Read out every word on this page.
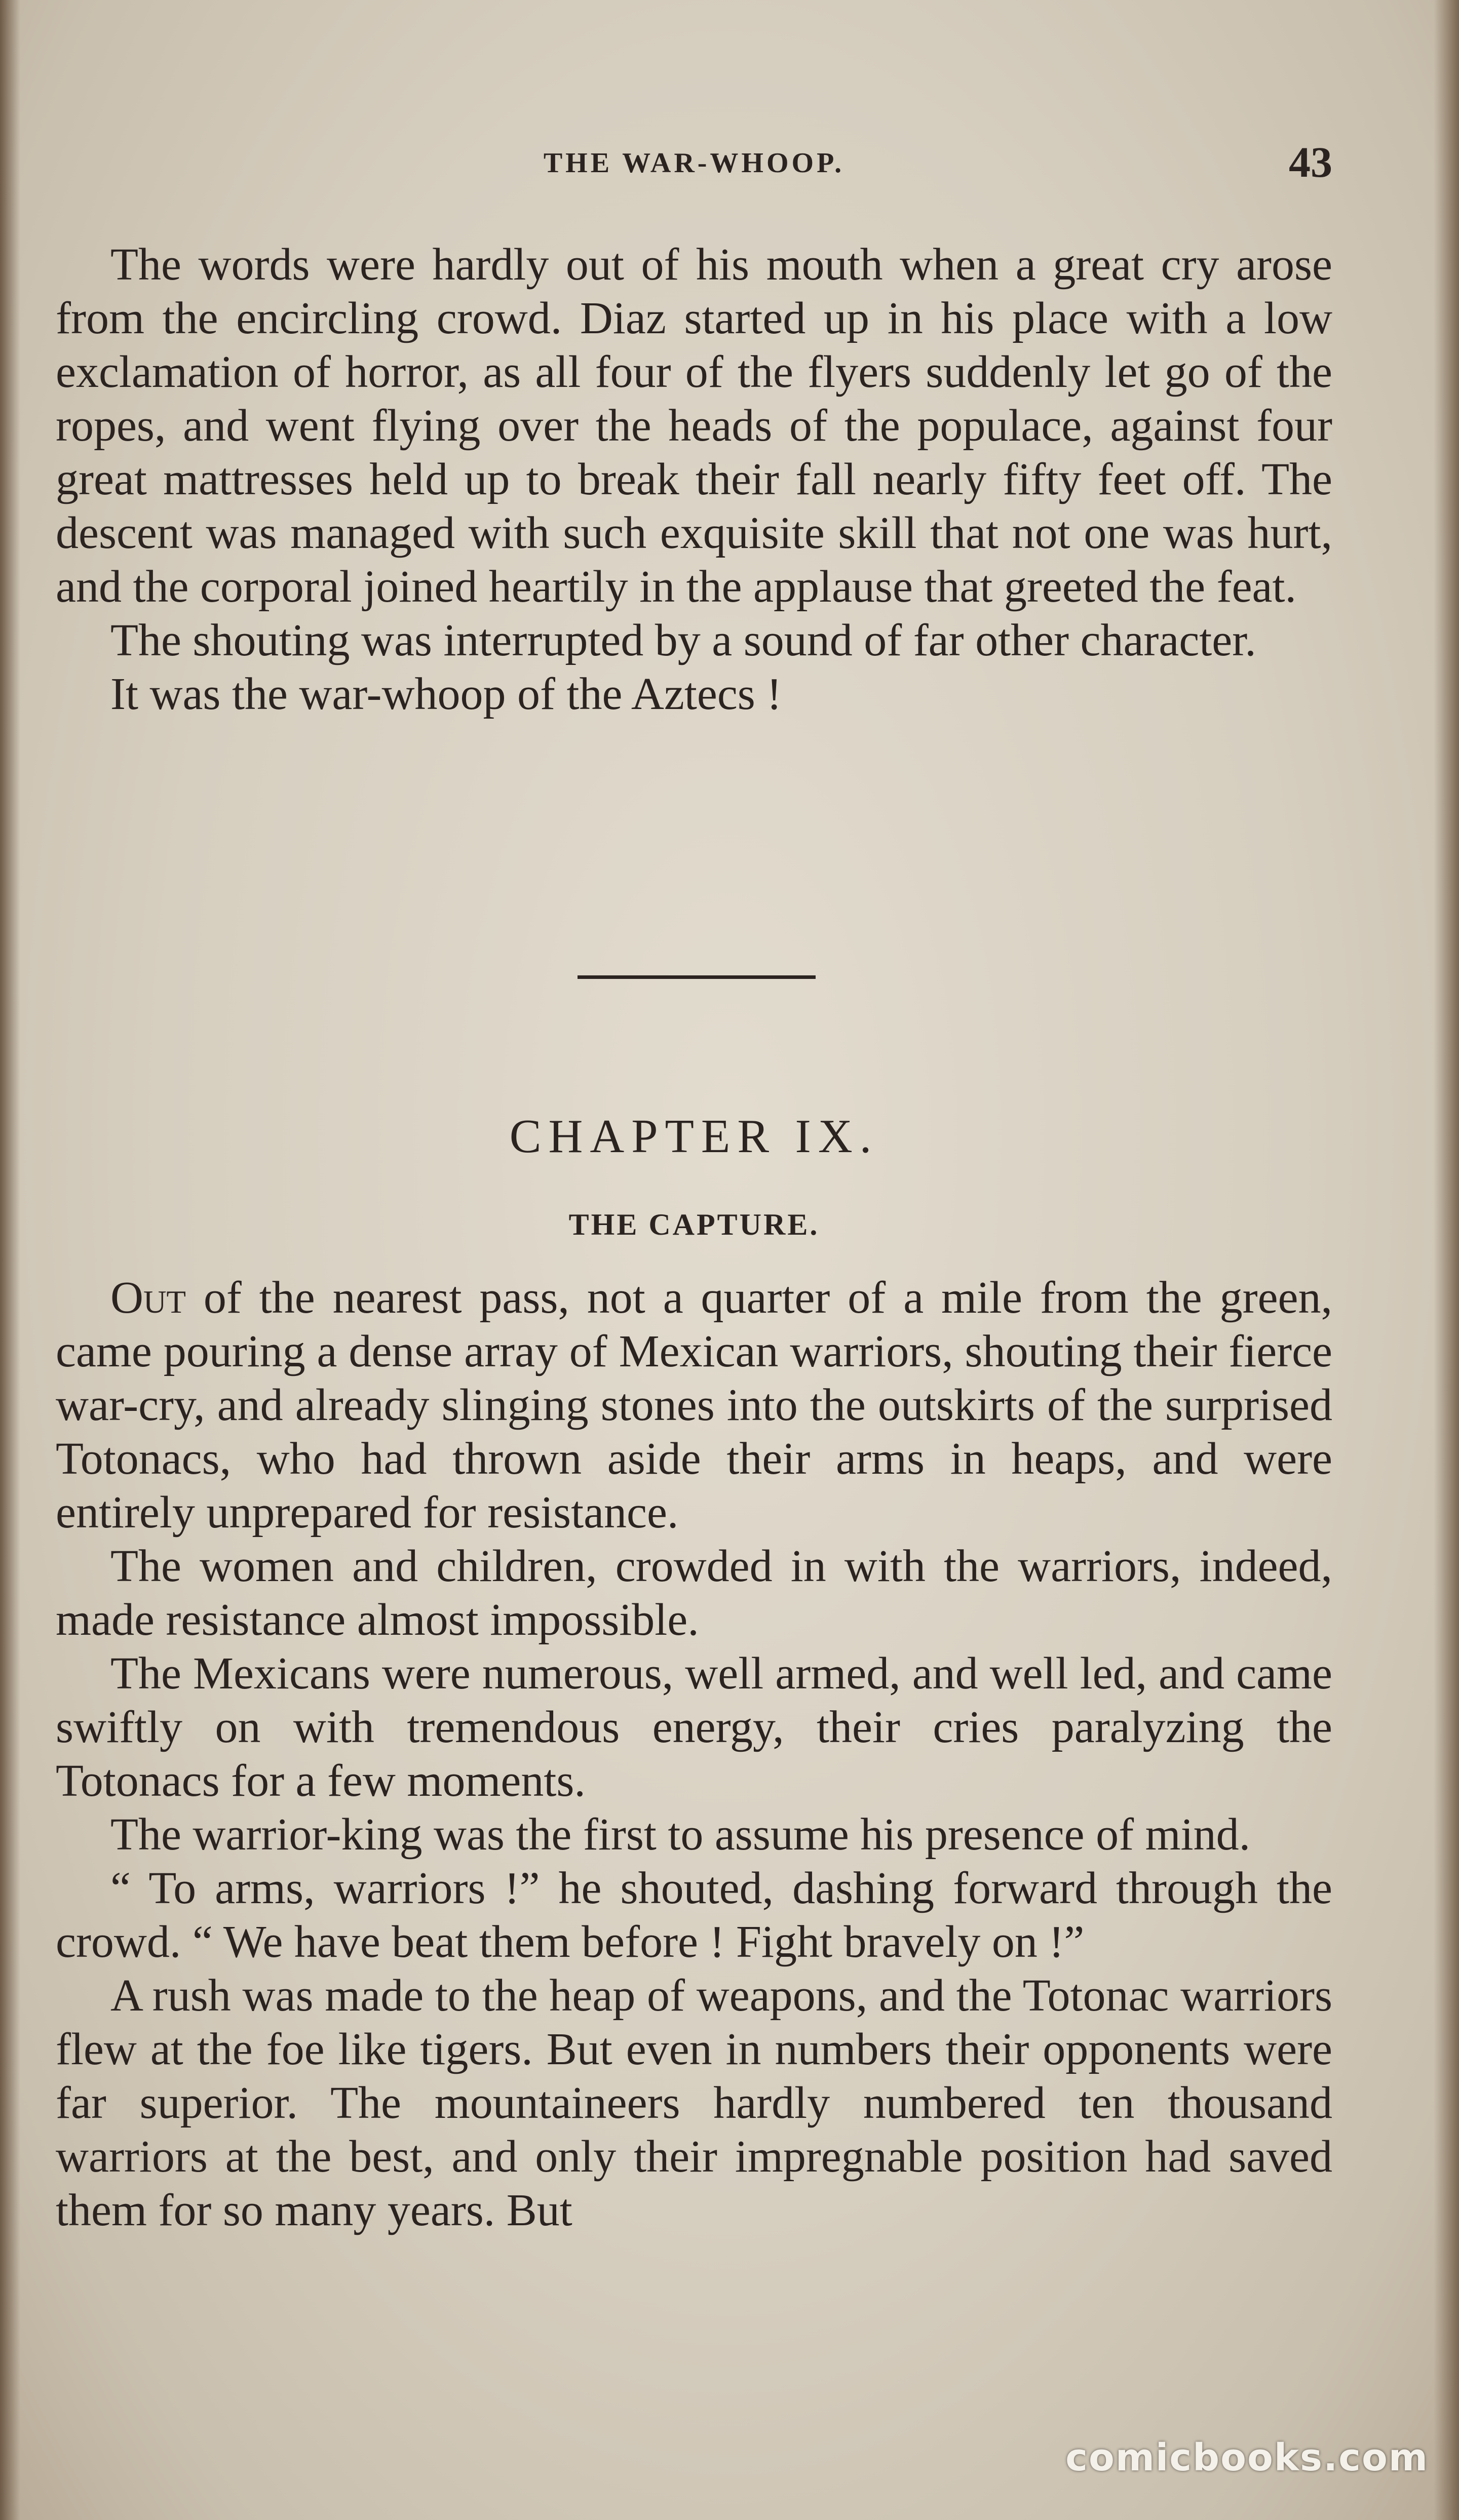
THE WAR-WHOOP.	43

The words were hardly out of his mouth when a great cry arose from the encircling crowd. Diaz started up in his place with a low exclamation of horror, as all four of the flyers suddenly let go of the ropes, and went flying over the heads of the populace, against four great mattresses held up to break their fall nearly fifty feet off. The descent was managed with such exquisite skill that not one was hurt, and the corporal joined heartily in the applause that greeted the feat.

The shouting was interrupted by a sound of far other character.

It was the war-whoop of the Aztecs !

CHAPTER IX.
THE CAPTURE.

Out of the nearest pass, not a quarter of a mile from the green, came pouring a dense array of Mexican warriors, shouting their fierce war-cry, and already slinging stones into the outskirts of the surprised Totonacs, who had thrown aside their arms in heaps, and were entirely unprepared for resistance.

The women and children, crowded in with the warriors, indeed, made resistance almost impossible.

The Mexicans were numerous, well armed, and well led, and came swiftly on with tremendous energy, their cries paralyzing the Totonacs for a few moments.

The warrior-king was the first to assume his presence of mind.

“ To arms, warriors !” he shouted, dashing forward through the crowd. “ We have beat them before ! Fight bravely on !”

A rush was made to the heap of weapons, and the Totonac warriors flew at the foe like tigers. But even in numbers their opponents were far superior. The mountaineers hardly numbered ten thousand warriors at the best, and only their impregnable position had saved them for so many years. But

comicbooks.com
